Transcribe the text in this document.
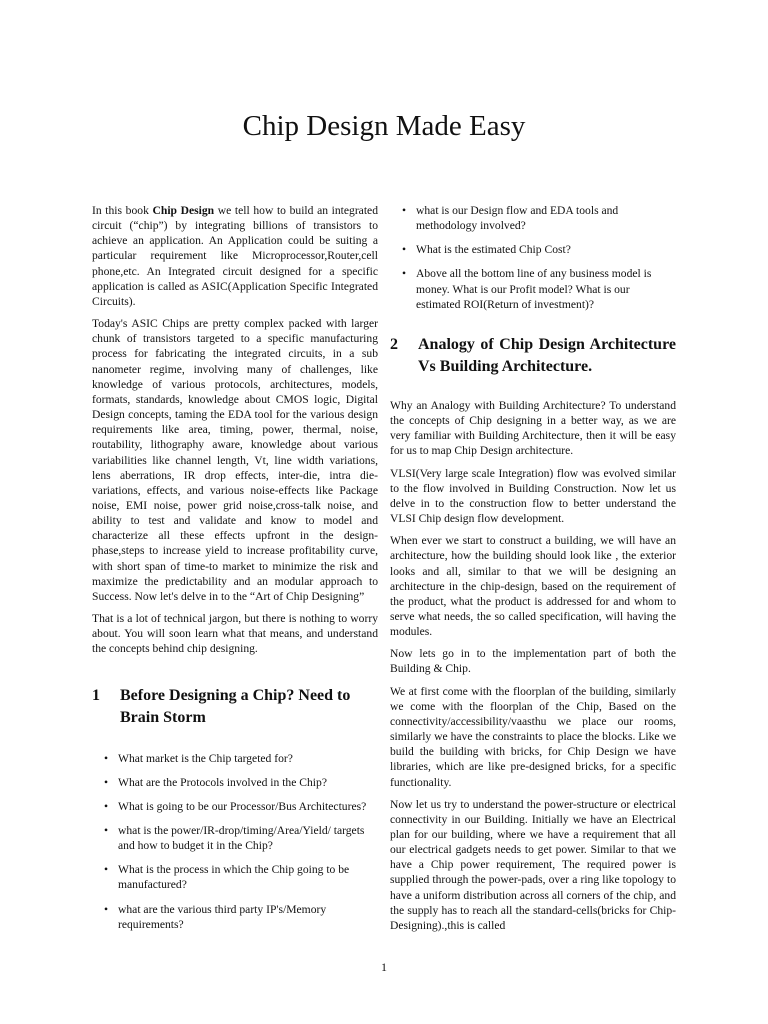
Chip Design Made Easy

In this book Chip Design we tell how to build an integrated circuit (“chip”) by integrating billions of transistors to achieve an application. An Application could be suiting a particular requirement like Microprocessor,Router,cell phone,etc. An Integrated circuit designed for a specific application is called as ASIC(Application Specific Integrated Circuits).

Today's ASIC Chips are pretty complex packed with larger chunk of transistors targeted to a specific manufacturing process for fabricating the integrated circuits, in a sub nanometer regime, involving many of challenges, like knowledge of various protocols, architectures, models, formats, standards, knowledge about CMOS logic, Digital Design concepts, taming the EDA tool for the various design requirements like area, timing, power, thermal, noise, routability, lithography aware, knowledge about various variabilities like channel length, Vt, line width variations, lens aberrations, IR drop effects, inter-die, intra die-variations, effects, and various noise-effects like Package noise, EMI noise, power grid noise,cross-talk noise, and ability to test and validate and know to model and characterize all these effects upfront in the design-phase,steps to increase yield to increase profitability curve, with short span of time-to market to minimize the risk and maximize the predictability and an modular approach to Success. Now let's delve in to the “Art of Chip Designing”

That is a lot of technical jargon, but there is nothing to worry about. You will soon learn what that means, and understand the concepts behind chip designing.

1	Before Designing a Chip? Need to Brain Storm
• What market is the Chip targeted for?
• What are the Protocols involved in the Chip?
• What is going to be our Processor/Bus Architectures?
• what is the power/IR-drop/timing/Area/Yield/ targets and how to budget it in the Chip?
• What is the process in which the Chip going to be manufactured?
• what are the various third party IP's/Memory requirements?
• what is our Design flow and EDA tools and methodology involved?
• What is the estimated Chip Cost?
• Above all the bottom line of any business model is money. What is our Profit model? What is our estimated ROI(Return of investment)?
2	Analogy of Chip Design Architecture Vs Building Architecture.

Why an Analogy with Building Architecture? To understand the concepts of Chip designing in a better way, as we are very familiar with Building Architecture, then it will be easy for us to map Chip Design architecture.

VLSI(Very large scale Integration) flow was evolved similar to the flow involved in Building Construction. Now let us delve in to the construction flow to better understand the VLSI Chip design flow development.

When ever we start to construct a building, we will have an architecture, how the building should look like , the exterior looks and all, similar to that we will be designing an architecture in the chip-design, based on the requirement of the product, what the product is addressed for and whom to serve what needs, the so called specification, will having the modules.

Now lets go in to the implementation part of both the Building & Chip.

We at first come with the floorplan of the building, similarly we come with the floorplan of the Chip, Based on the connectivity/accessibility/vaasthu we place our rooms, similarly we have the constraints to place the blocks. Like we build the building with bricks, for Chip Design we have libraries, which are like pre-designed bricks, for a specific functionality.

Now let us try to understand the power-structure or electrical connectivity in our Building. Initially we have an Electrical plan for our building, where we have a requirement that all our electrical gadgets needs to get power. Similar to that we have a Chip power requirement, The required power is supplied through the power-pads, over a ring like topology to have a uniform distribution across all corners of the chip, and the supply has to reach all the standard-cells(bricks for Chip-Designing).,this is called

1
